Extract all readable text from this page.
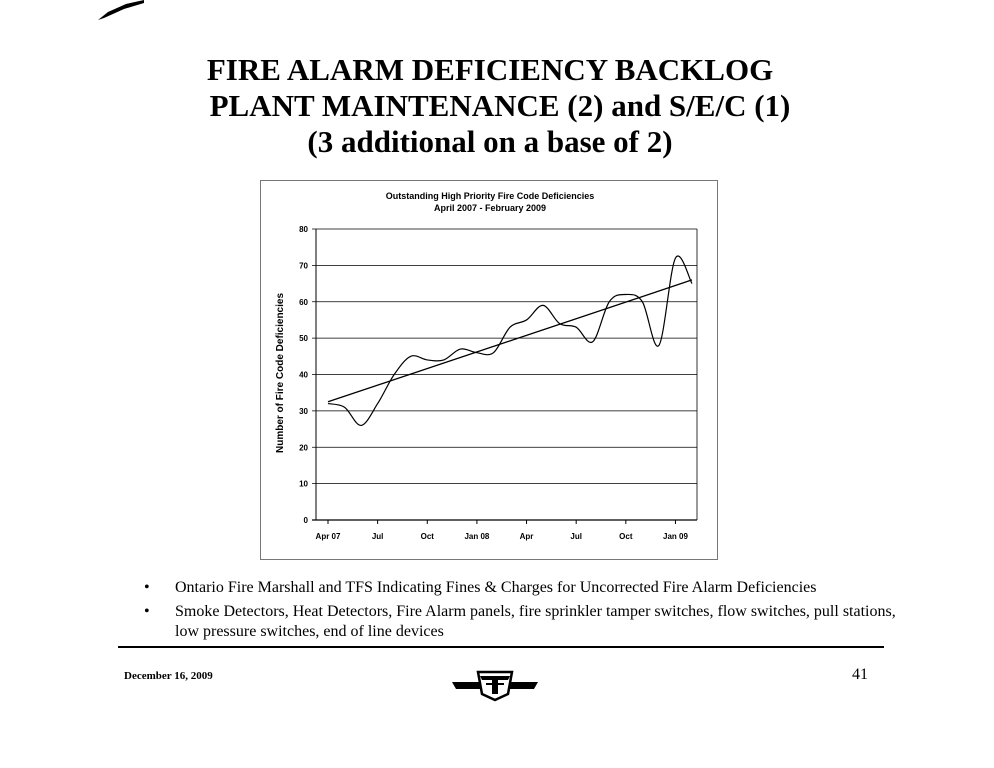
FIRE ALARM DEFICIENCY BACKLOG
PLANT MAINTENANCE (2) and S/E/C (1)
(3 additional on a base of 2)
Outstanding High Priority Fire Code Deficiencies
April 2007 - February 2009
Number of Fire Code Deficiencies
0
10
20
30
40
50
60
70
80
Apr 07	Jul	Oct	Jan 08	Apr	Jul	Oct	Jan 09
• Ontario Fire Marshall and TFS Indicating Fines & Charges for Uncorrected Fire Alarm Deficiencies
• Smoke Detectors, Heat Detectors, Fire Alarm panels, fire sprinkler tamper switches, flow switches, pull stations, low pressure switches, end of line devices
December 16, 2009	41
